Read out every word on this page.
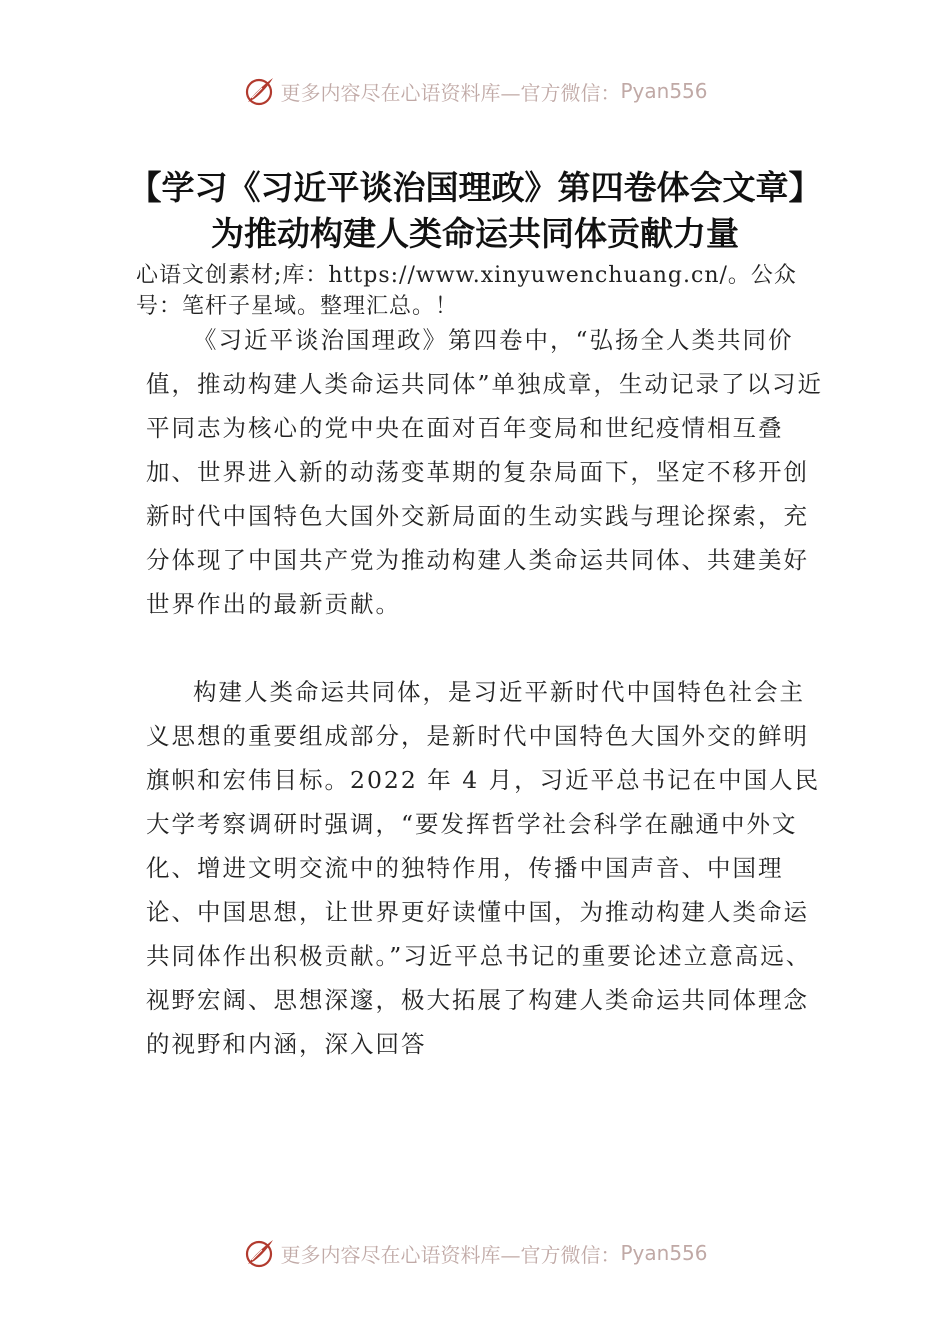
更多内容尽在心语资料库—官方微信： Pyan556
【学习《习近平谈治国理政》第四卷体会文章】为推动构建人类命运共同体贡献力量

心语文创素材;库：https://www.xinyuwenchuang.cn/。公众号：笔杆子星域。整理汇总。！

《习近平谈治国理政》第四卷中，“弘扬全人类共同价值，推动构建人类命运共同体”单独成章，生动记录了以习近平同志为核心的党中央在面对百年变局和世纪疫情相互叠加、世界进入新的动荡变革期的复杂局面下，坚定不移开创新时代中国特色大国外交新局面的生动实践与理论探索，充分体现了中国共产党为推动构建人类命运共同体、共建美好世界作出的最新贡献。

构建人类命运共同体，是习近平新时代中国特色社会主义思想的重要组成部分，是新时代中国特色大国外交的鲜明旗帜和宏伟目标。2022 年 4 月，习近平总书记在中国人民大学考察调研时强调，“要发挥哲学社会科学在融通中外文化、增进文明交流中的独特作用，传播中国声音、中国理论、中国思想，让世界更好读懂中国，为推动构建人类命运共同体作出积极贡献。”习近平总书记的重要论述立意高远、视野宏阔、思想深邃，极大拓展了构建人类命运共同体理念的视野和内涵，深入回答

更多内容尽在心语资料库—官方微信： Pyan556
